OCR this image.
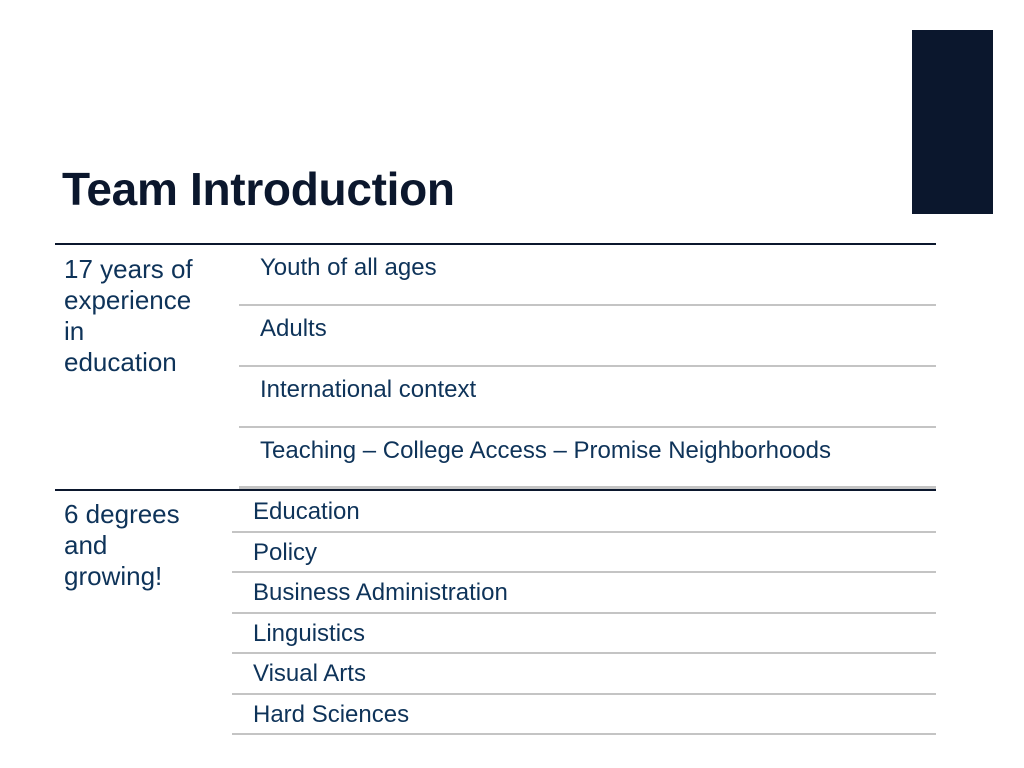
Team Introduction
17 years of
experience
in
education
Youth of all ages
Adults
International context
Teaching – College Access – Promise Neighborhoods
6 degrees
and
growing!
Education
Policy
Business Administration
Linguistics
Visual Arts
Hard Sciences
